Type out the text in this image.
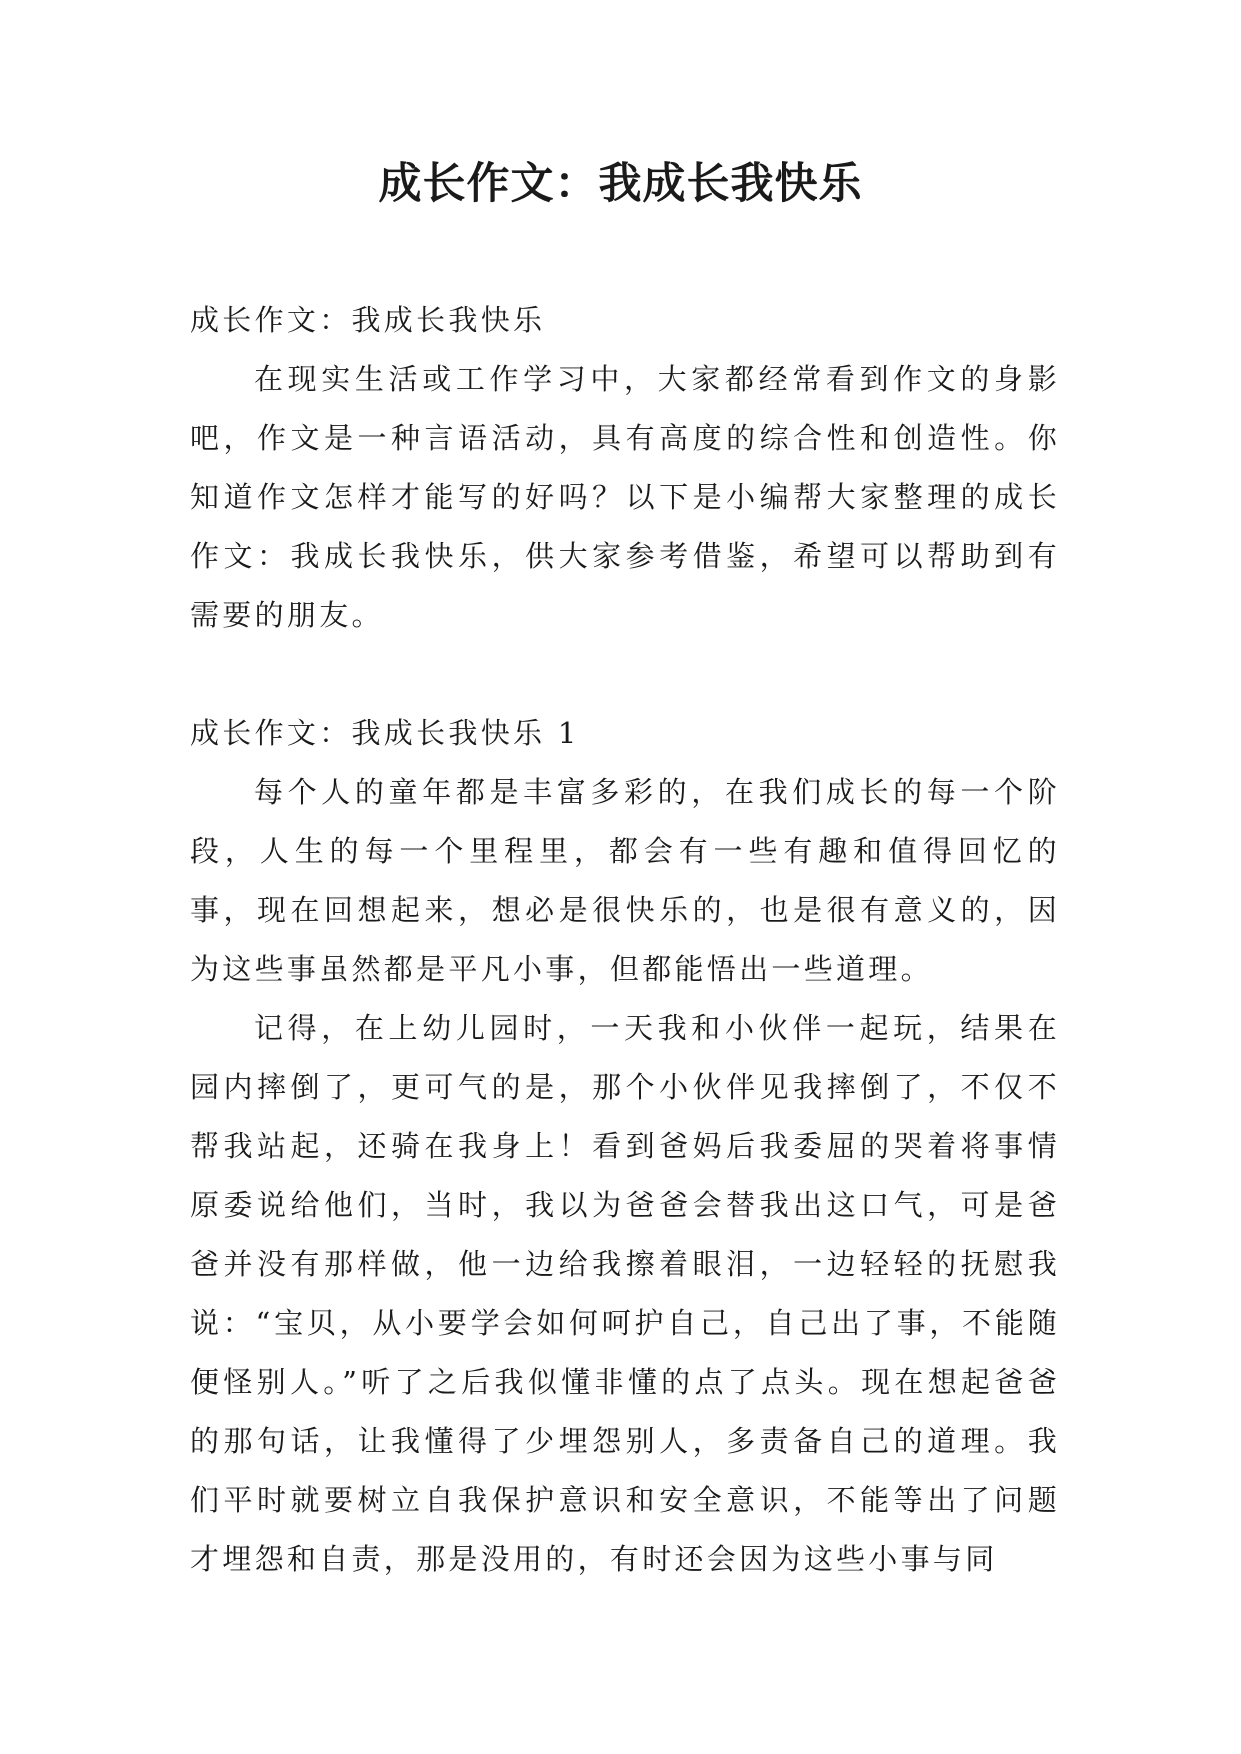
成长作文：我成长我快乐

成长作文：我成长我快乐

在现实生活或工作学习中，大家都经常看到作文的身影吧，作文是一种言语活动，具有高度的综合性和创造性。你知道作文怎样才能写的好吗？以下是小编帮大家整理的成长作文：我成长我快乐，供大家参考借鉴，希望可以帮助到有需要的朋友。

成长作文：我成长我快乐 1

每个人的童年都是丰富多彩的，在我们成长的每一个阶段，人生的每一个里程里，都会有一些有趣和值得回忆的事，现在回想起来，想必是很快乐的，也是很有意义的，因为这些事虽然都是平凡小事，但都能悟出一些道理。

记得，在上幼儿园时，一天我和小伙伴一起玩，结果在园内摔倒了，更可气的是，那个小伙伴见我摔倒了，不仅不帮我站起，还骑在我身上！看到爸妈后我委屈的哭着将事情原委说给他们，当时，我以为爸爸会替我出这口气，可是爸爸并没有那样做，他一边给我擦着眼泪，一边轻轻的抚慰我说：“宝贝，从小要学会如何呵护自己，自己出了事，不能随便怪别人。”听了之后我似懂非懂的点了点头。现在想起爸爸的那句话，让我懂得了少埋怨别人，多责备自己的道理。我们平时就要树立自我保护意识和安全意识，不能等出了问题才埋怨和自责，那是没用的，有时还会因为这些小事与同
